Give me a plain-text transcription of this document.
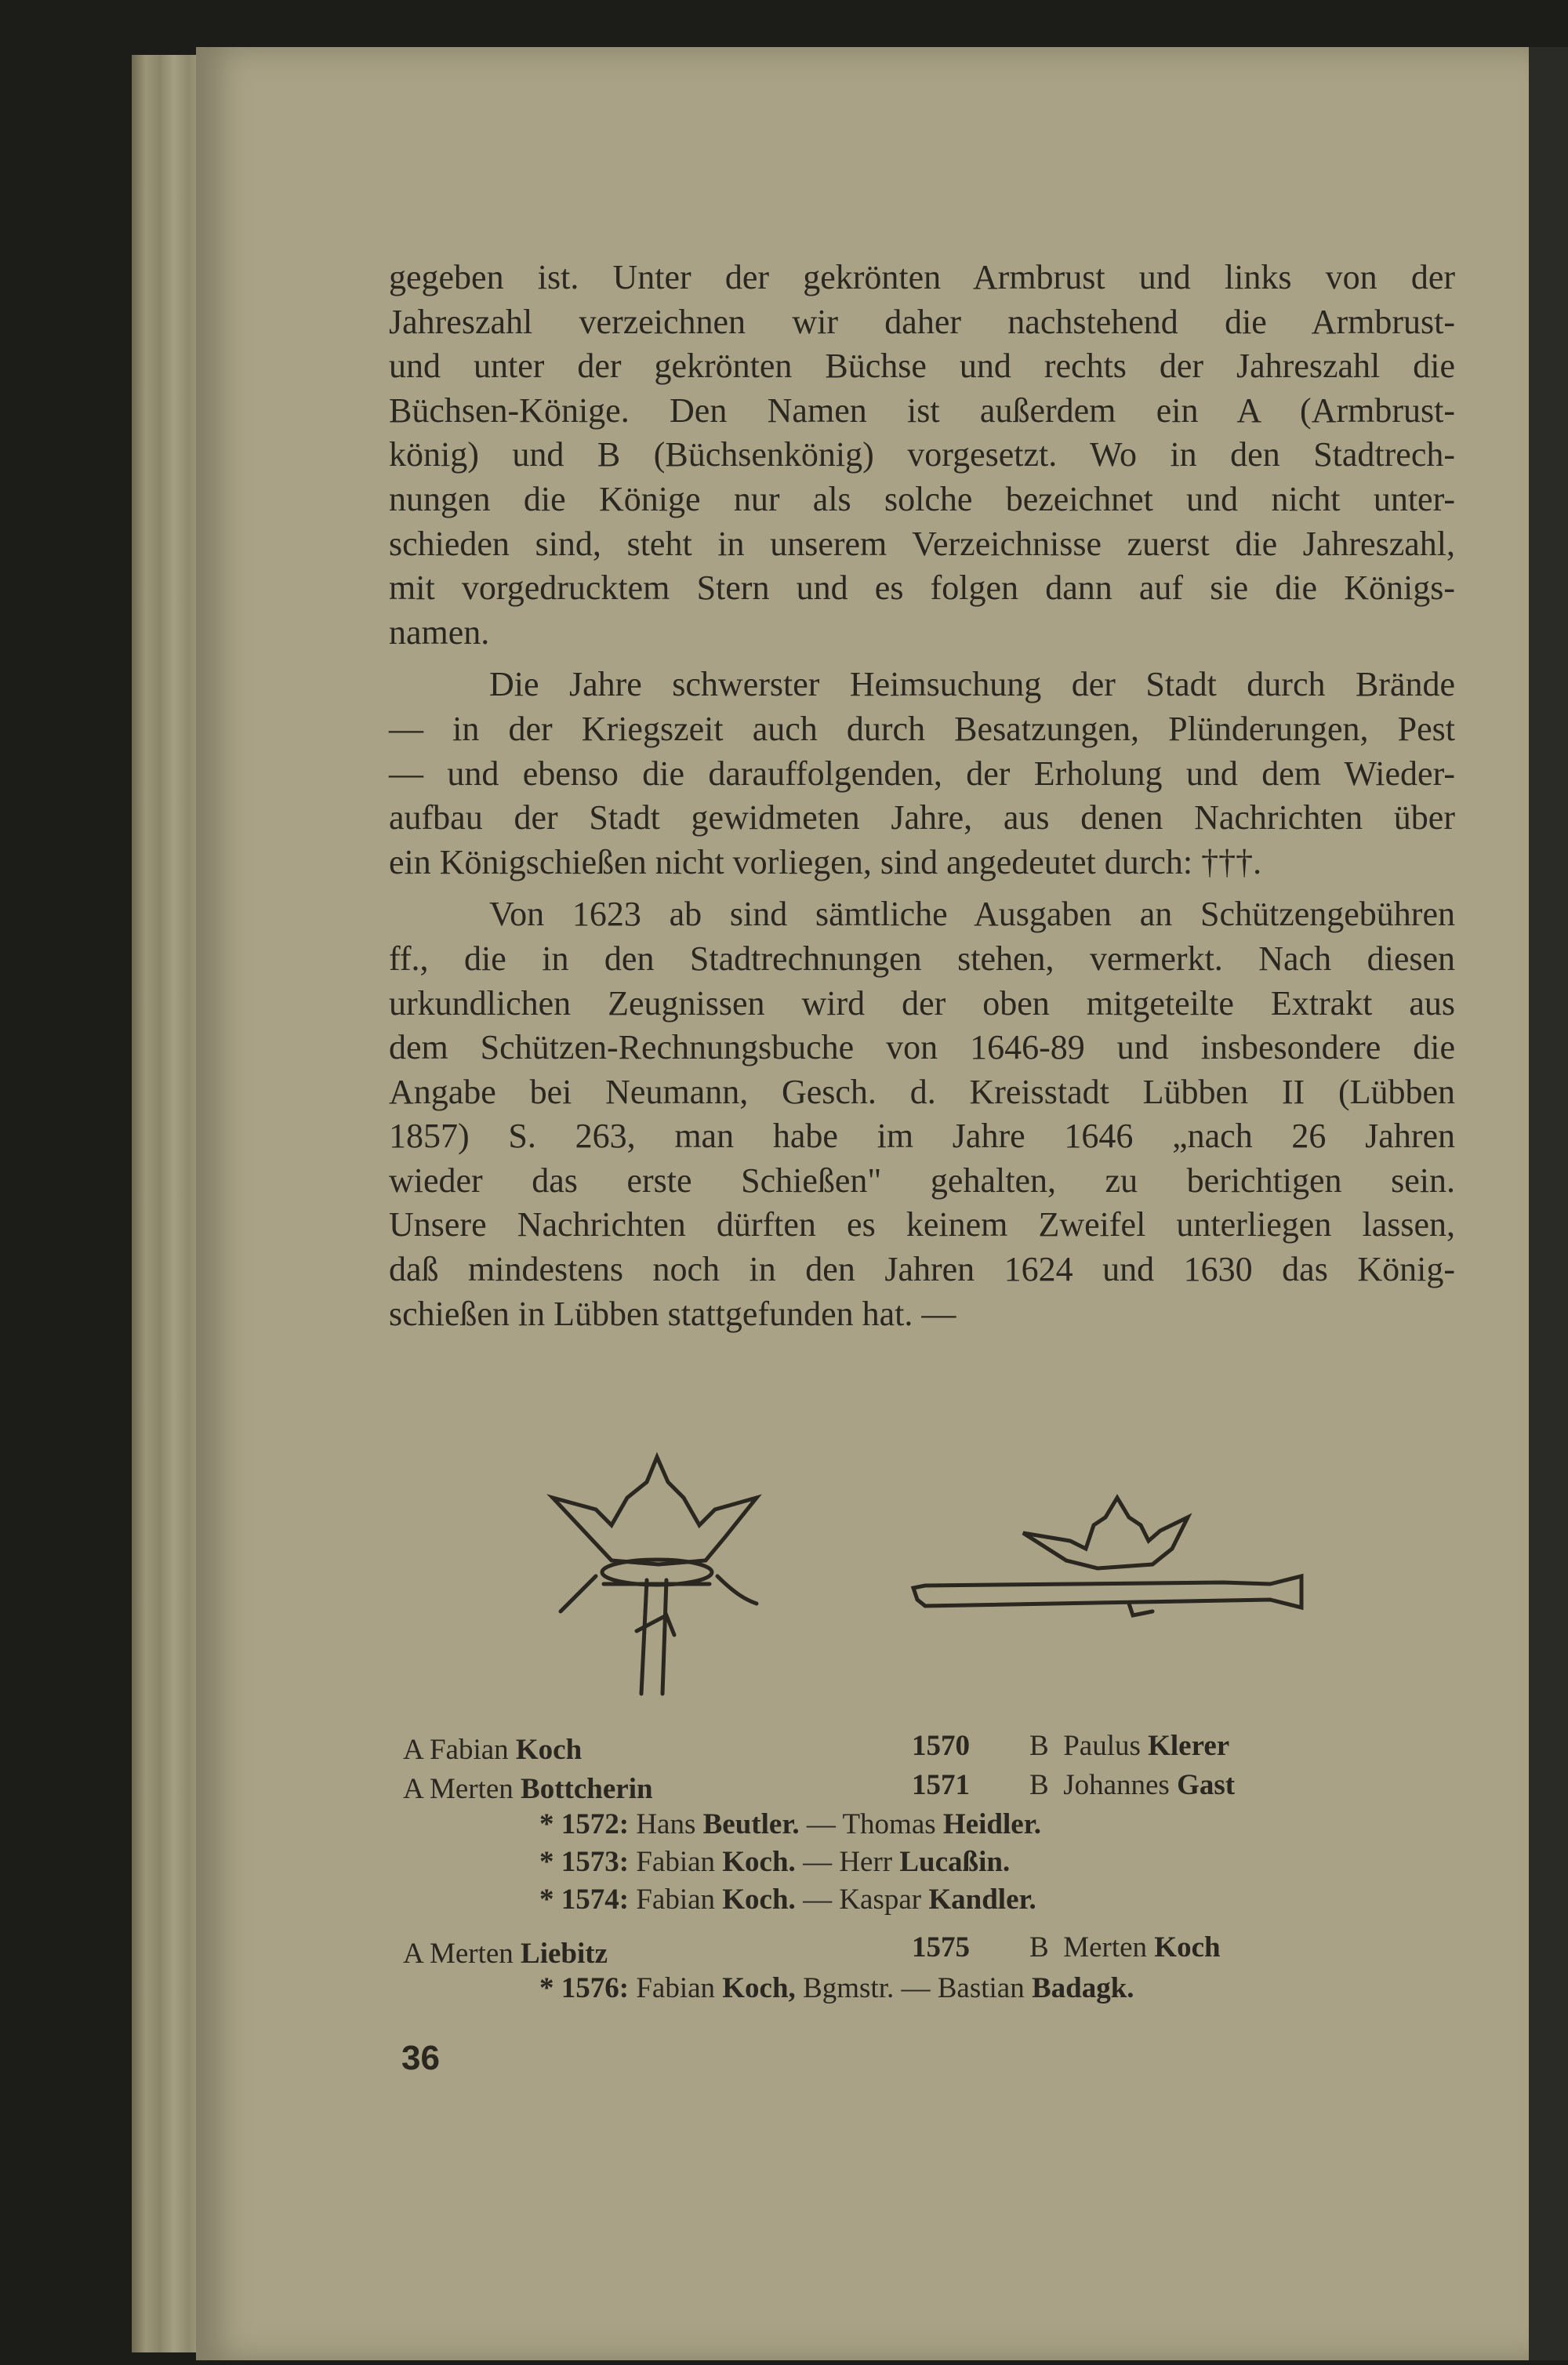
gegeben ist. Unter der gekrönten Armbrust und links von der
Jahreszahl verzeichnen wir daher nachstehend die Armbrust-
und unter der gekrönten Büchse und rechts der Jahreszahl die
Büchsen-Könige. Den Namen ist außerdem ein A (Armbrust-
könig) und B (Büchsenkönig) vorgesetzt. Wo in den Stadtrech-
nungen die Könige nur als solche bezeichnet und nicht unter-
schieden sind, steht in unserem Verzeichnisse zuerst die Jahreszahl,
mit vorgedrucktem Stern und es folgen dann auf sie die Königs-
namen.
Die Jahre schwerster Heimsuchung der Stadt durch Brände
— in der Kriegszeit auch durch Besatzungen, Plünderungen, Pest
— und ebenso die darauffolgenden, der Erholung und dem Wieder-
aufbau der Stadt gewidmeten Jahre, aus denen Nachrichten über
ein Königschießen nicht vorliegen, sind angedeutet durch: †††.
Von 1623 ab sind sämtliche Ausgaben an Schützengebühren
ff., die in den Stadtrechnungen stehen, vermerkt. Nach diesen
urkundlichen Zeugnissen wird der oben mitgeteilte Extrakt aus
dem Schützen-Rechnungsbuche von 1646-89 und insbesondere die
Angabe bei Neumann, Gesch. d. Kreisstadt Lübben II (Lübben
1857) S. 263, man habe im Jahre 1646 „nach 26 Jahren
wieder das erste Schießen" gehalten, zu berichtigen sein.
Unsere Nachrichten dürften es keinem Zweifel unterliegen lassen,
daß mindestens noch in den Jahren 1624 und 1630 das König-
schießen in Lübben stattgefunden hat. —
A Fabian Koch	1570 B Paulus Klerer
A Merten Bottcherin	1571 B Johannes Gast
* 1572: Hans Beutler. — Thomas Heidler.
* 1573: Fabian Koch. — Herr Lucaßin.
* 1574: Fabian Koch. — Kaspar Kandler.
A Merten Liebitz	1575 B Merten Koch
* 1576: Fabian Koch, Bgmstr. — Bastian Badagk.
36
